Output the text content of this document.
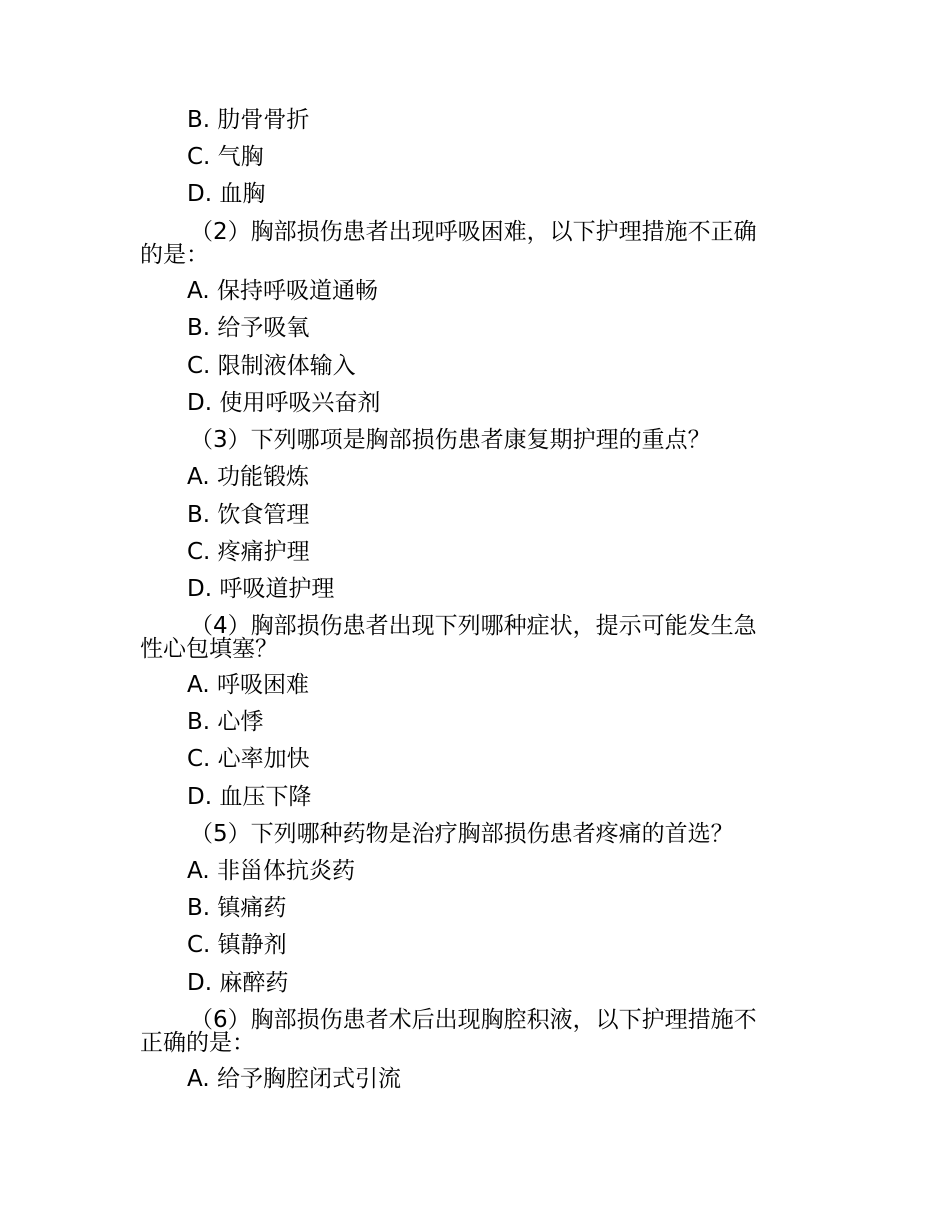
B. 肋骨骨折
C. 气胸
D. 血胸
（2）胸部损伤患者出现呼吸困难，以下护理措施不正确
的是：
A. 保持呼吸道通畅
B. 给予吸氧
C. 限制液体输入
D. 使用呼吸兴奋剂
（3）下列哪项是胸部损伤患者康复期护理的重点？
A. 功能锻炼
B. 饮食管理
C. 疼痛护理
D. 呼吸道护理
（4）胸部损伤患者出现下列哪种症状，提示可能发生急
性心包填塞？
A. 呼吸困难
B. 心悸
C. 心率加快
D. 血压下降
（5）下列哪种药物是治疗胸部损伤患者疼痛的首选？
A. 非甾体抗炎药
B. 镇痛药
C. 镇静剂
D. 麻醉药
（6）胸部损伤患者术后出现胸腔积液，以下护理措施不
正确的是：
A. 给予胸腔闭式引流
